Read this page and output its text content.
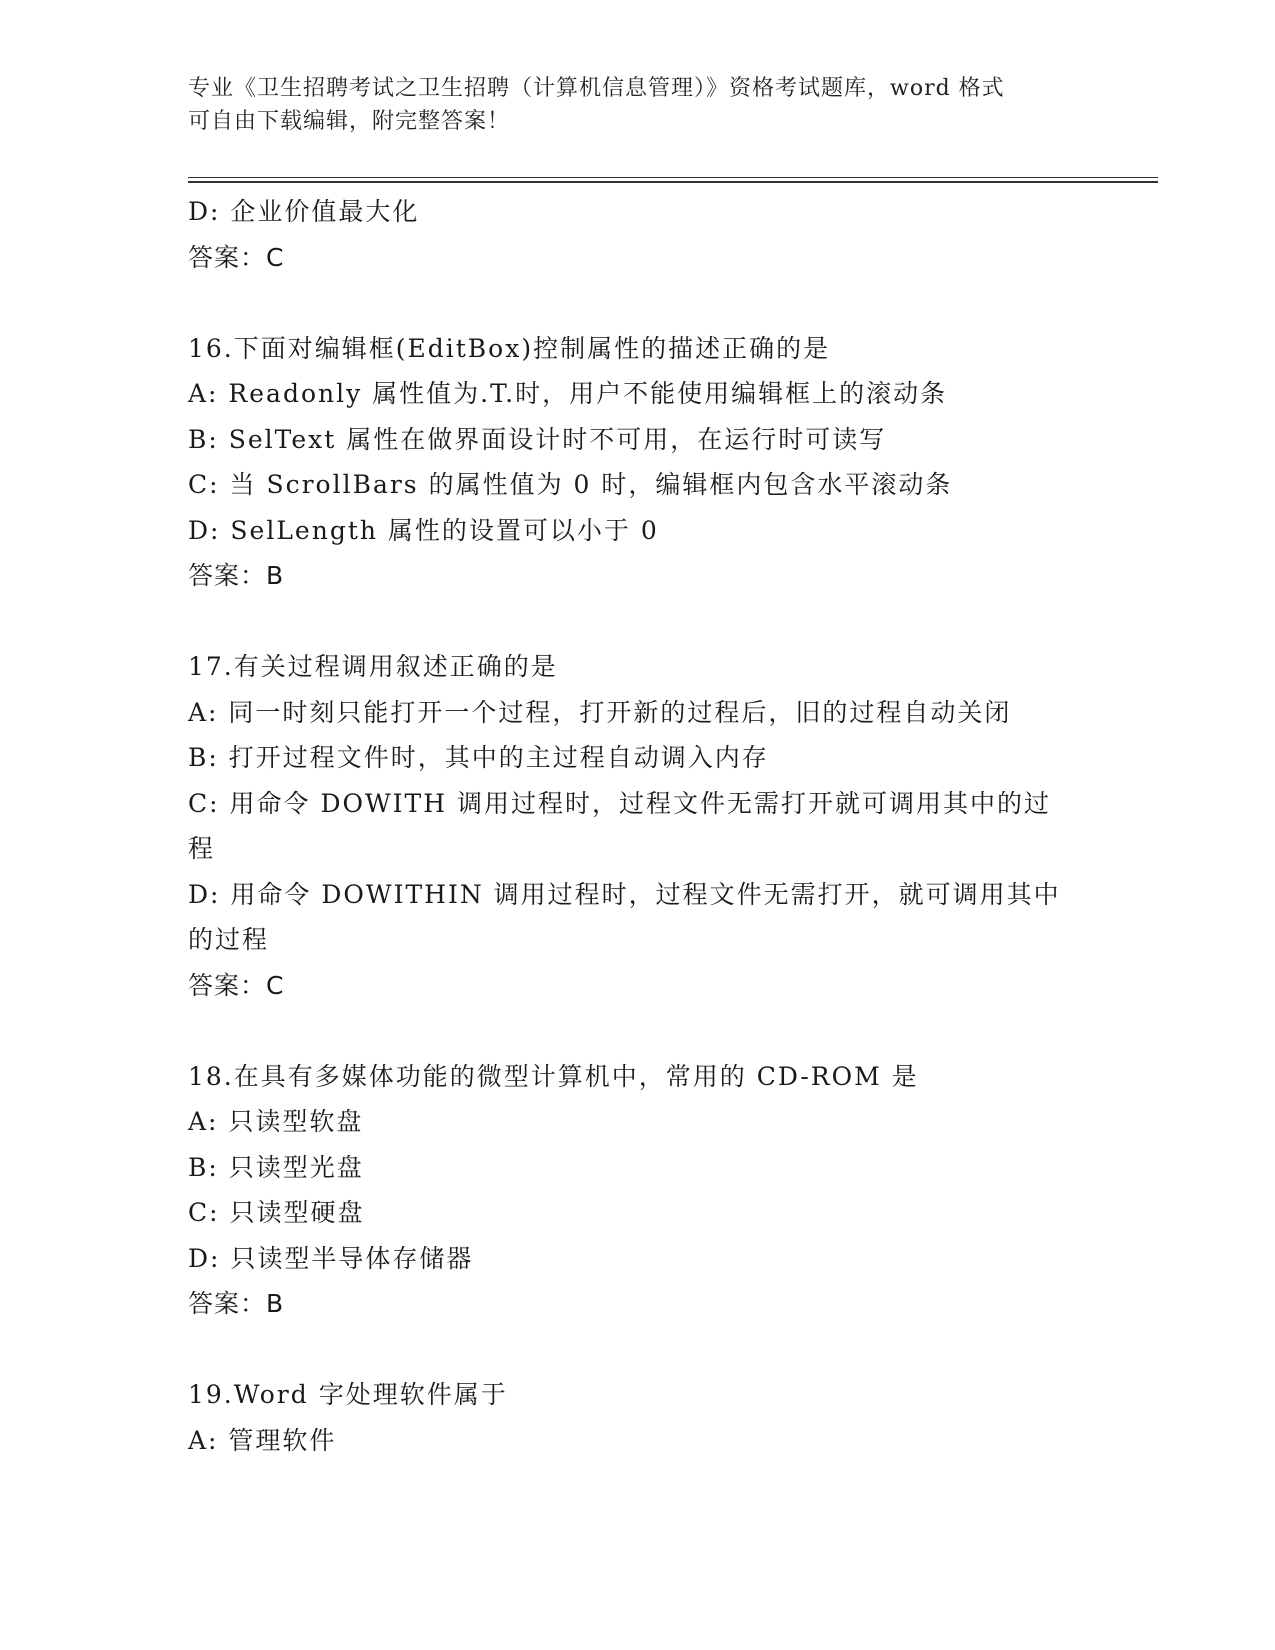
专业《卫生招聘考试之卫生招聘（计算机信息管理）》资格考试题库，word 格式
可自由下载编辑，附完整答案！
D: 企业价值最大化
答案：C
16.下面对编辑框(EditBox)控制属性的描述正确的是
A: Readonly 属性值为.T.时，用户不能使用编辑框上的滚动条
B: SelText 属性在做界面设计时不可用，在运行时可读写
C: 当 ScrollBars 的属性值为 0 时，编辑框内包含水平滚动条
D: SelLength 属性的设置可以小于 0
答案：B
17.有关过程调用叙述正确的是
A: 同一时刻只能打开一个过程，打开新的过程后，旧的过程自动关闭
B: 打开过程文件时，其中的主过程自动调入内存
C: 用命令 DOWITH 调用过程时，过程文件无需打开就可调用其中的过
程
D: 用命令 DOWITHIN 调用过程时，过程文件无需打开，就可调用其中
的过程
答案：C
18.在具有多媒体功能的微型计算机中，常用的 CD-ROM 是
A: 只读型软盘
B: 只读型光盘
C: 只读型硬盘
D: 只读型半导体存储器
答案：B
19.Word 字处理软件属于
A: 管理软件
